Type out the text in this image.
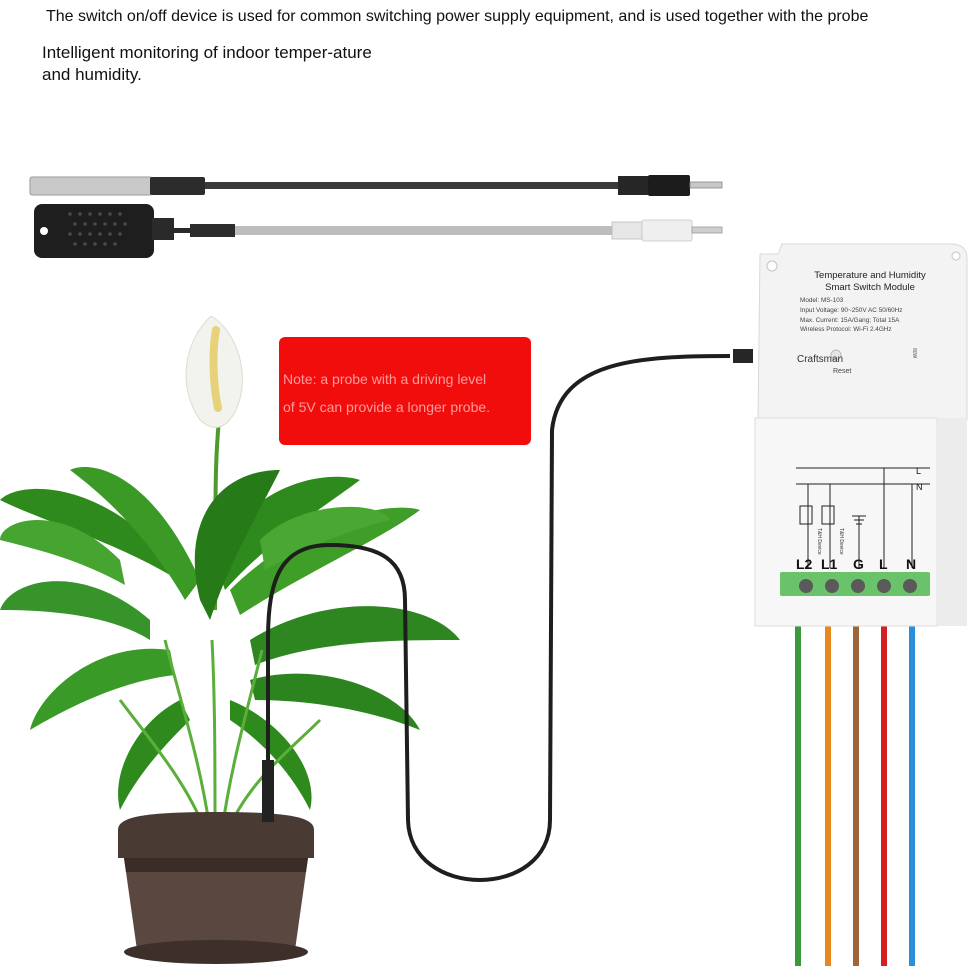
The switch on/off device is used for common switching power supply equipment, and is used together with the probe
Intelligent monitoring of indoor temper-ature and humidity.
Note: a probe with a driving level
of 5V can provide a longer probe.
Temperature and Humidity
Smart Switch Module
Model: MS-103
Input Voltage: 90~250V AC 50/60Hz
Max. Current: 15A/Gang; Total 15A
Wireless Protocol: Wi-Fi 2.4GHz
Craftsman
Reset
80W
L
N
T&H Device	T&H Device
L2 L1 G L N
